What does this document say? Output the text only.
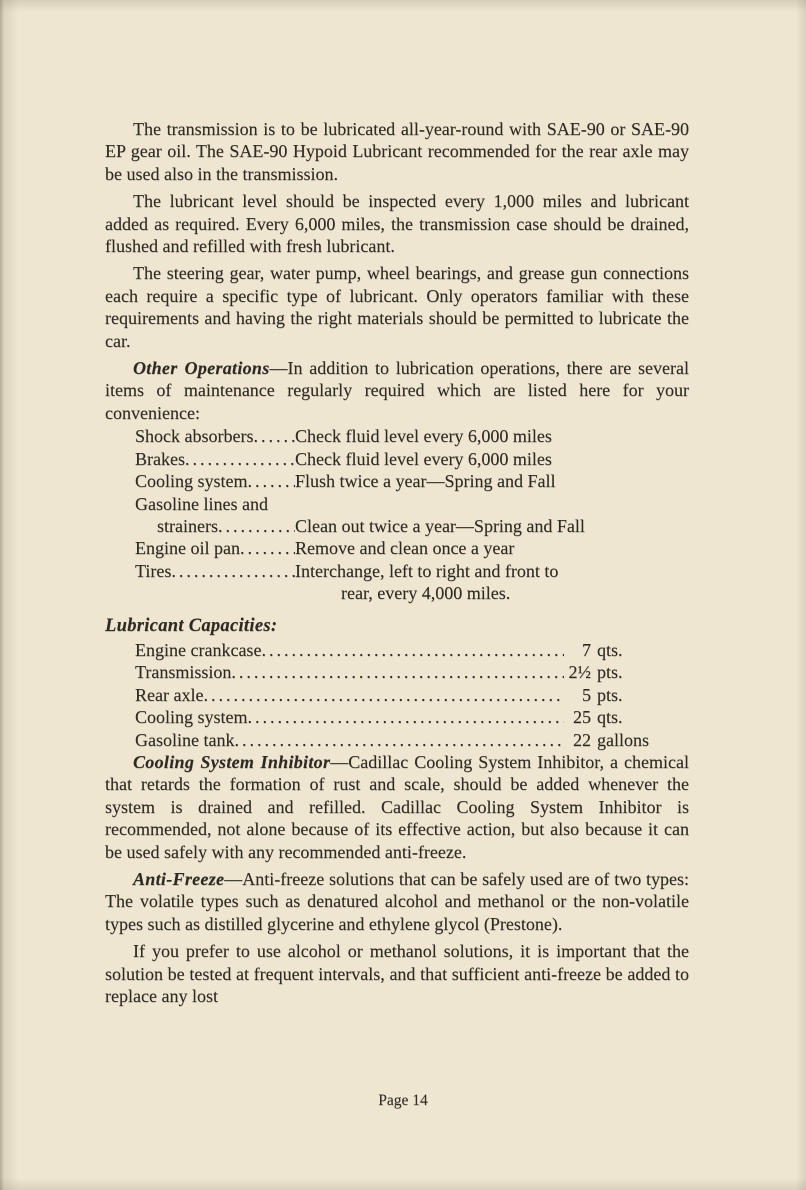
The transmission is to be lubricated all-year-round with SAE-90 or SAE-90 EP gear oil. The SAE-90 Hypoid Lubricant recommended for the rear axle may be used also in the transmission.

The lubricant level should be inspected every 1,000 miles and lubricant added as required. Every 6,000 miles, the transmission case should be drained, flushed and refilled with fresh lubricant.

The steering gear, water pump, wheel bearings, and grease gun connections each require a specific type of lubricant. Only operators familiar with these requirements and having the right materials should be permitted to lubricate the car.

Other Operations—In addition to lubrication operations, there are several items of maintenance regularly required which are listed here for your convenience:

Shock absorbers ..... Check fluid level every 6,000 miles
Brakes .....	Check fluid level every 6,000 miles
Cooling system .....	Flush twice a year—Spring and Fall
Gasoline lines and
strainers .....	Clean out twice a year—Spring and Fall
Engine oil pan .....	Remove and clean once a year
Tires .....	Interchange, left to right and front to
rear, every 4,000 miles.
Lubricant Capacities:
Engine crankcase .....	7 qts.
Transmission .....	2½ pts.
Rear axle .....	5 pts.
Cooling system .....	25 qts.
Gasoline tank .....	22 gallons

Cooling System Inhibitor—Cadillac Cooling System Inhibitor, a chemical that retards the formation of rust and scale, should be added whenever the system is drained and refilled. Cadillac Cooling System Inhibitor is recommended, not alone because of its effective action, but also because it can be used safely with any recommended anti-freeze.

Anti-Freeze—Anti-freeze solutions that can be safely used are of two types: The volatile types such as denatured alcohol and methanol or the non-volatile types such as distilled glycerine and ethylene glycol (Prestone).

If you prefer to use alcohol or methanol solutions, it is important that the solution be tested at frequent intervals, and that sufficient anti-freeze be added to replace any lost

Page 14
